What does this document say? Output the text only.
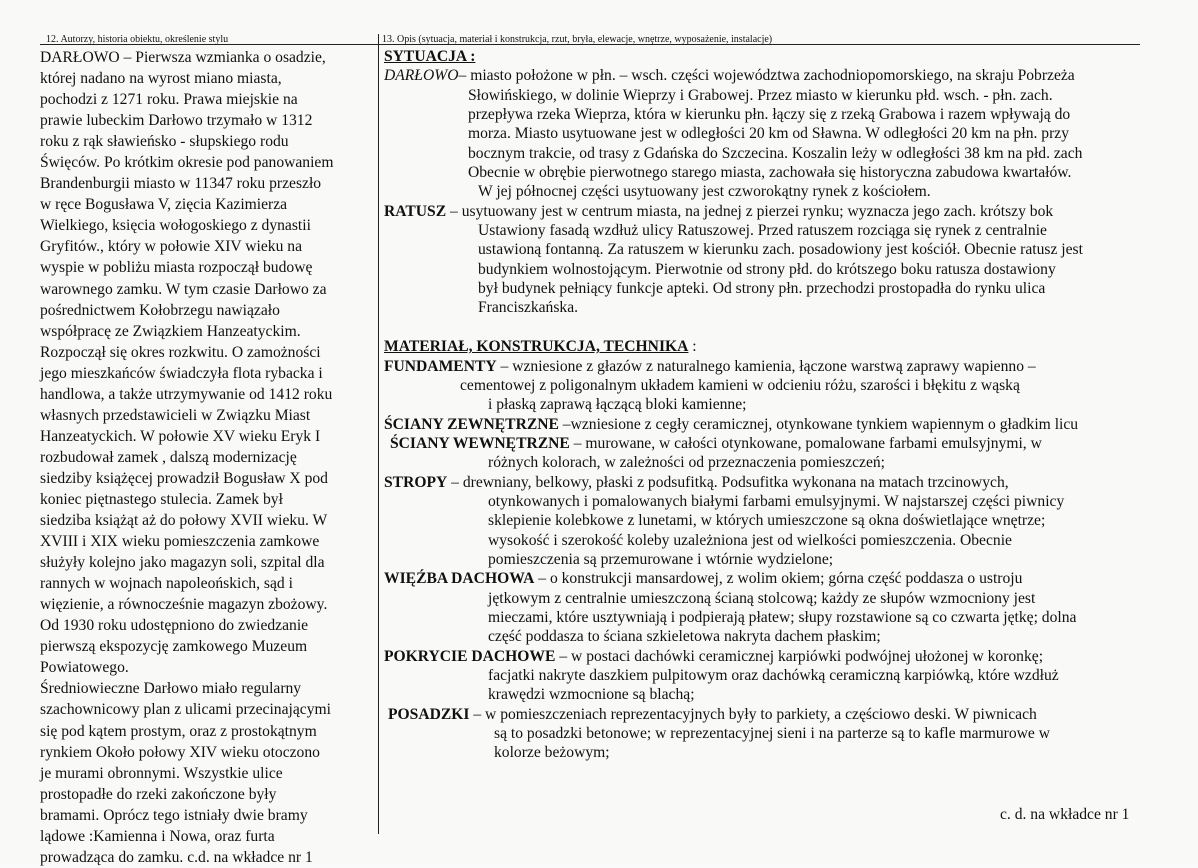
12. Autorzy, historia obiektu, określenie stylu	13. Opis (sytuacja, materiał i konstrukcja, rzut, bryła, elewacje, wnętrze, wyposażenie, instalacje)
DARŁOWO – Pierwsza wzmianka o osadzie,
której nadano na wyrost miano miasta,
pochodzi z 1271 roku. Prawa miejskie na
prawie lubeckim Darłowo trzymało w 1312
roku z rąk sławieńsko - słupskiego rodu
Święców. Po krótkim okresie pod panowaniem
Brandenburgii miasto w 11347 roku przeszło
w ręce Bogusława V, zięcia Kazimierza
Wielkiego, księcia wołogoskiego z dynastii
Gryfitów., który w połowie XIV wieku na
wyspie w pobliżu miasta rozpoczął budowę
warownego zamku. W tym czasie Darłowo za
pośrednictwem Kołobrzegu nawiązało
współpracę ze Związkiem Hanzeatyckim.
Rozpoczął się okres rozkwitu. O zamożności
jego mieszkańców świadczyła flota rybacka i
handlowa, a także utrzymywanie od 1412 roku
własnych przedstawicieli w Związku Miast
Hanzeatyckich. W połowie XV wieku Eryk I
rozbudował zamek , dalszą modernizację
siedziby książęcej prowadził Bogusław X pod
koniec piętnastego stulecia. Zamek był
siedziba książąt aż do połowy XVII wieku. W
XVIII i XIX wieku pomieszczenia zamkowe
służyły kolejno jako magazyn soli, szpital dla
rannych w wojnach napoleońskich, sąd i
więzienie, a równocześnie magazyn zbożowy.
Od 1930 roku udostępniono do zwiedzanie
pierwszą ekspozycję zamkowego Muzeum
Powiatowego.
Średniowieczne Darłowo miało regularny
szachownicowy plan z ulicami przecinającymi
się pod kątem prostym, oraz z prostokątnym
rynkiem Około połowy XIV wieku otoczono
je murami obronnymi. Wszystkie ulice
prostopadłe do rzeki zakończone były
bramami. Oprócz tego istniały dwie bramy
lądowe :Kamienna i Nowa, oraz furta
prowadząca do zamku. c.d. na wkładce nr 1
SYTUACJA :
DARŁOWO– miasto położone w płn. – wsch. części województwa zachodniopomorskiego, na skraju Pobrzeża
Słowińskiego, w dolinie Wieprzy i Grabowej. Przez miasto w kierunku płd. wsch. - płn. zach.
przepływa rzeka Wieprza, która w kierunku płn. łączy się z rzeką Grabowa i razem wpływają do
morza. Miasto usytuowane jest w odległości 20 km od Sławna. W odległości 20 km na płn. przy
bocznym trakcie, od trasy z Gdańska do Szczecina. Koszalin leży w odległości 38 km na płd. zach
Obecnie w obrębie pierwotnego starego miasta, zachowała się historyczna zabudowa kwartałów.
W jej północnej części usytuowany jest czworokątny rynek z kościołem.
RATUSZ – usytuowany jest w centrum miasta, na jednej z pierzei rynku; wyznacza jego zach. krótszy bok
Ustawiony fasadą wzdłuż ulicy Ratuszowej. Przed ratuszem rozciąga się rynek z centralnie
ustawioną fontanną. Za ratuszem w kierunku zach. posadowiony jest kościół. Obecnie ratusz jest
budynkiem wolnostojącym. Pierwotnie od strony płd. do krótszego boku ratusza dostawiony
był budynek pełniący funkcje apteki. Od strony płn. przechodzi prostopadła do rynku ulica
Franciszkańska.
MATERIAŁ, KONSTRUKCJA, TECHNIKA :
FUNDAMENTY – wzniesione z głazów z naturalnego kamienia, łączone warstwą zaprawy wapienno –
cementowej z poligonalnym układem kamieni w odcieniu różu, szarości i błękitu z wąską
i płaską zaprawą łączącą bloki kamienne;
ŚCIANY ZEWNĘTRZNE –wzniesione z cegły ceramicznej, otynkowane tynkiem wapiennym o gładkim licu
ŚCIANY WEWNĘTRZNE – murowane, w całości otynkowane, pomalowane farbami emulsyjnymi, w
różnych kolorach, w zależności od przeznaczenia pomieszczeń;
STROPY – drewniany, belkowy, płaski z podsufitką. Podsufitka wykonana na matach trzcinowych,
otynkowanych i pomalowanych białymi farbami emulsyjnymi. W najstarszej części piwnicy
sklepienie kolebkowe z lunetami, w których umieszczone są okna doświetlające wnętrze;
wysokość i szerokość koleby uzależniona jest od wielkości pomieszczenia. Obecnie
pomieszczenia są przemurowane i wtórnie wydzielone;
WIĘŹBA DACHOWA – o konstrukcji mansardowej, z wolim okiem; górna część poddasza o ustroju
jętkowym z centralnie umieszczoną ścianą stolcową; każdy ze słupów wzmocniony jest
mieczami, które usztywniają i podpierają płatew; słupy rozstawione są co czwarta jętkę; dolna
część poddasza to ściana szkieletowa nakryta dachem płaskim;
POKRYCIE DACHOWE – w postaci dachówki ceramicznej karpiówki podwójnej ułożonej w koronkę;
facjatki nakryte daszkiem pulpitowym oraz dachówką ceramiczną karpiówką, które wzdłuż
krawędzi wzmocnione są blachą;
POSADZKI – w pomieszczeniach reprezentacyjnych były to parkiety, a częściowo deski. W piwnicach
są to posadzki betonowe; w reprezentacyjnej sieni i na parterze są to kafle marmurowe w
kolorze beżowym;
c. d. na wkładce nr 1
